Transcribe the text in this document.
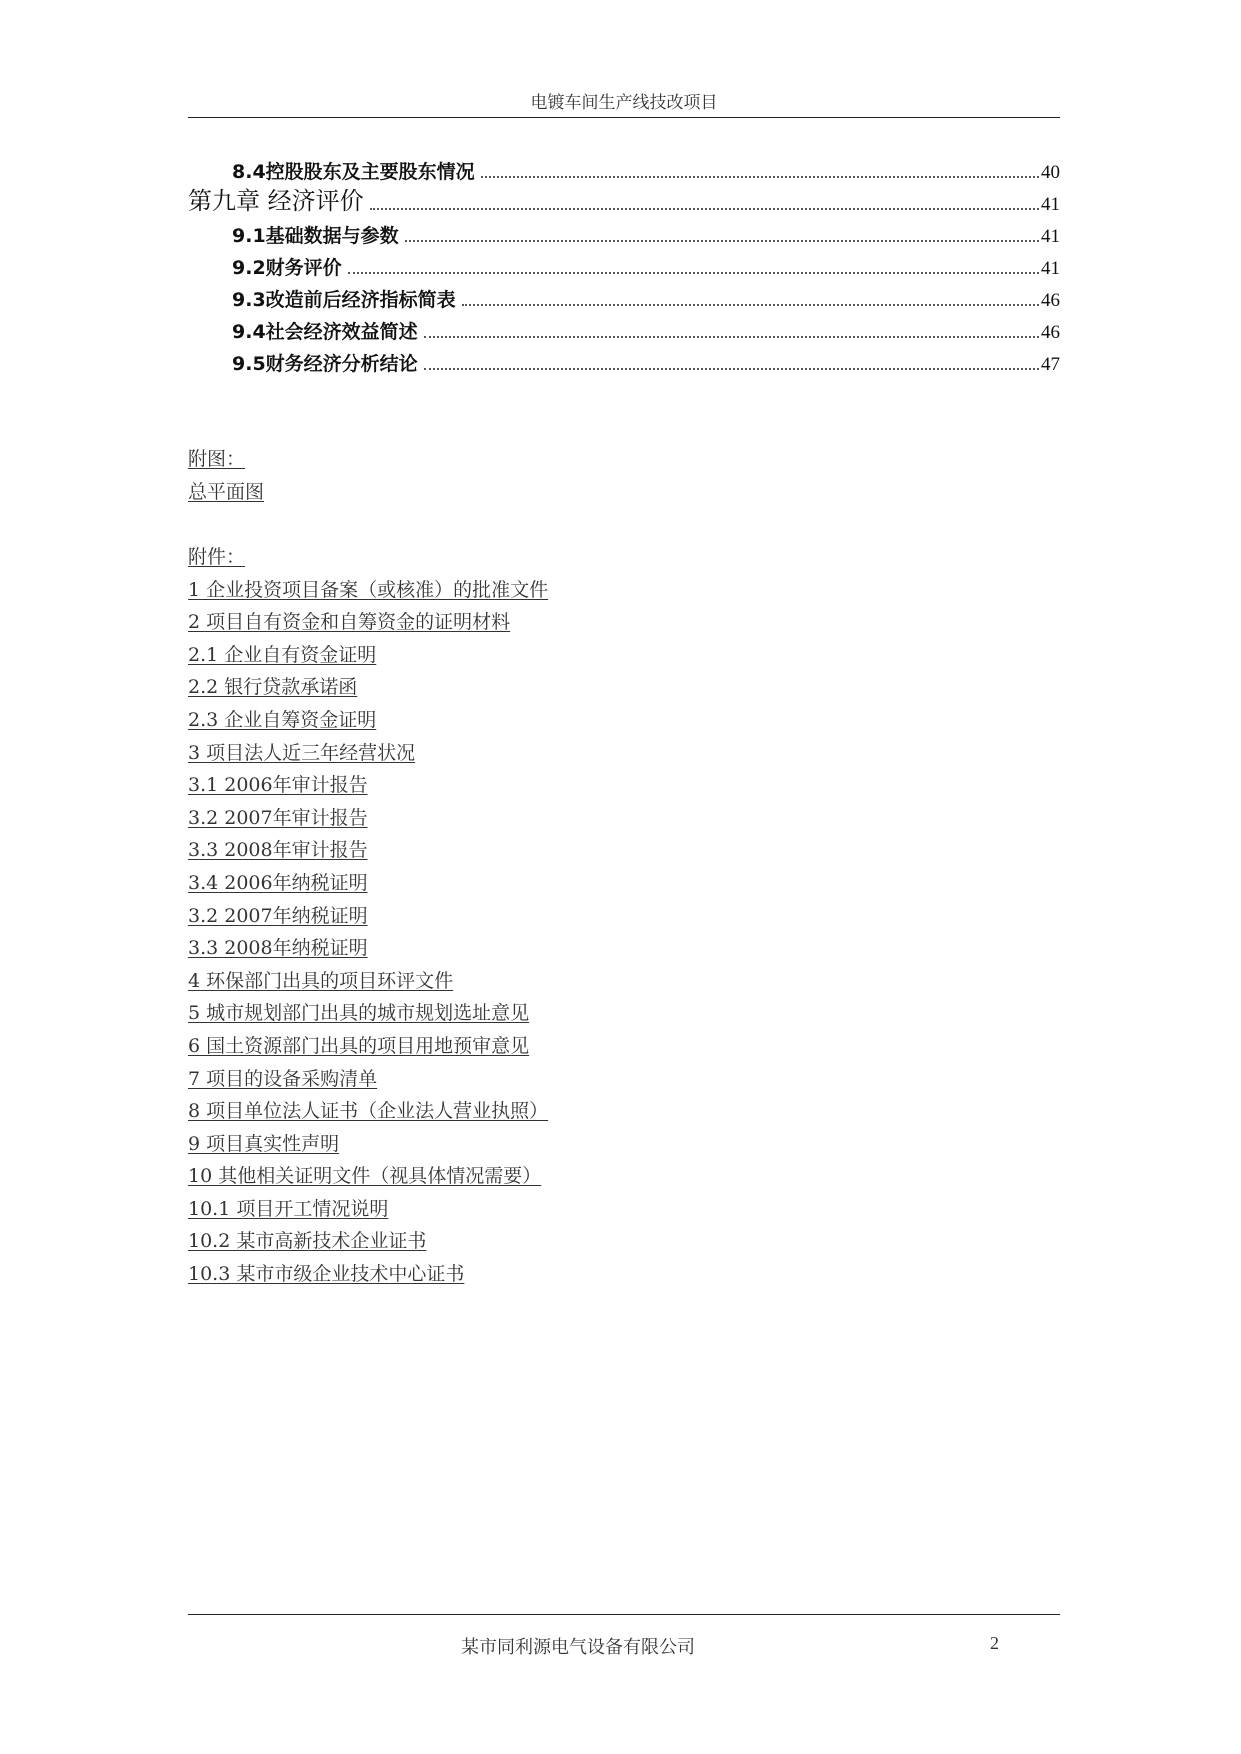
电镀车间生产线技改项目
8.4控股股东及主要股东情况	40
第九章 经济评价	41
9.1基础数据与参数	41
9.2财务评价	41
9.3改造前后经济指标简表	46
9.4社会经济效益简述	46
9.5财务经济分析结论	47
附图：
总平面图
附件：
1 企业投资项目备案（或核准）的批准文件
2 项目自有资金和自筹资金的证明材料
2.1 企业自有资金证明
2.2 银行贷款承诺函
2.3 企业自筹资金证明
3 项目法人近三年经营状况
3.1 2006年审计报告
3.2 2007年审计报告
3.3 2008年审计报告
3.4 2006年纳税证明
3.2 2007年纳税证明
3.3 2008年纳税证明
4 环保部门出具的项目环评文件
5 城市规划部门出具的城市规划选址意见
6 国土资源部门出具的项目用地预审意见
7 项目的设备采购清单
8 项目单位法人证书（企业法人营业执照）
9 项目真实性声明
10 其他相关证明文件（视具体情况需要）
10.1 项目开工情况说明
10.2 某市高新技术企业证书
10.3 某市市级企业技术中心证书
某市同利源电气设备有限公司	2
